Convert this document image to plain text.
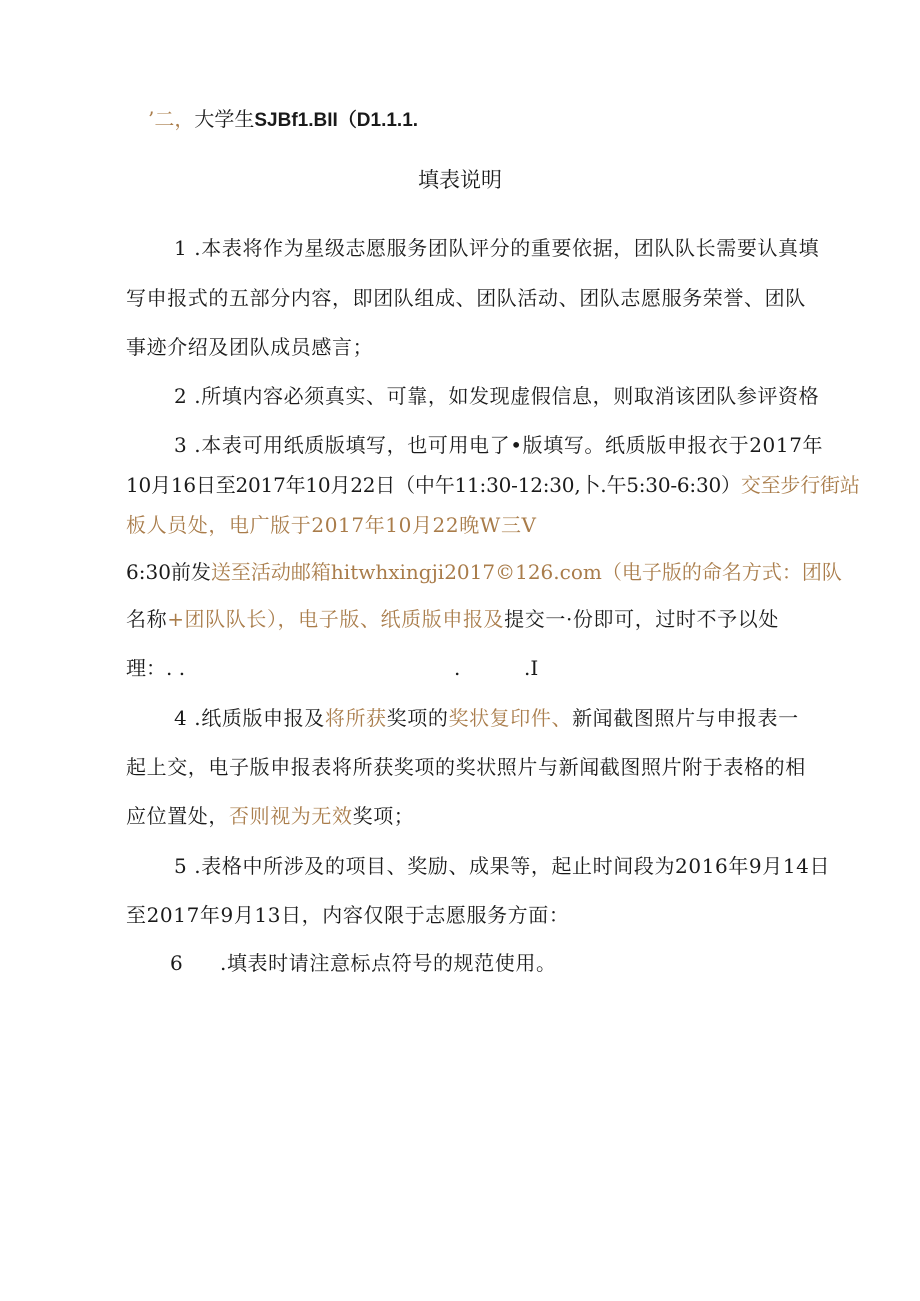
’二，大学生SJBf1.BII（D1.1.1.
填表说明
1 .本表将作为星级志愿服务团队评分的重要依据，团队队长需要认真填
写申报式的五部分内容，即团队组成、团队活动、团队志愿服务荣誉、团队
事迹介绍及团队成员感言；
2 .所填内容必须真实、可靠，如发现虚假信息，则取消该团队参评资格
3 .本表可用纸质版填写，也可用电了•版填写。纸质版申报衣于2017年
10月16日至2017年10月22日（中午11:30-12:30,卜.午5:30-6:30）交至步行街站
板人员处，电广版于2017年10月22晚W三V
6:30前发送至活动邮箱hitwhxingji2017©126.com（电子版的命名方式：团队
名称+团队队长），电子版、纸质版申报及提交一·份即可，过时不予以处
理：. .	.	.I
4 .纸质版申报及将所获奖项的奖状复印件、新闻截图照片与申报表一
起上交，电子版申报表将所获奖项的奖状照片与新闻截图照片附于表格的相
应位置处，否则视为无效奖项；
5 .表格中所涉及的项目、奖励、成果等，起止时间段为2016年9月14日
至2017年9月13日，内容仅限于志愿服务方面：
6 .填表时请注意标点符号的规范使用。
